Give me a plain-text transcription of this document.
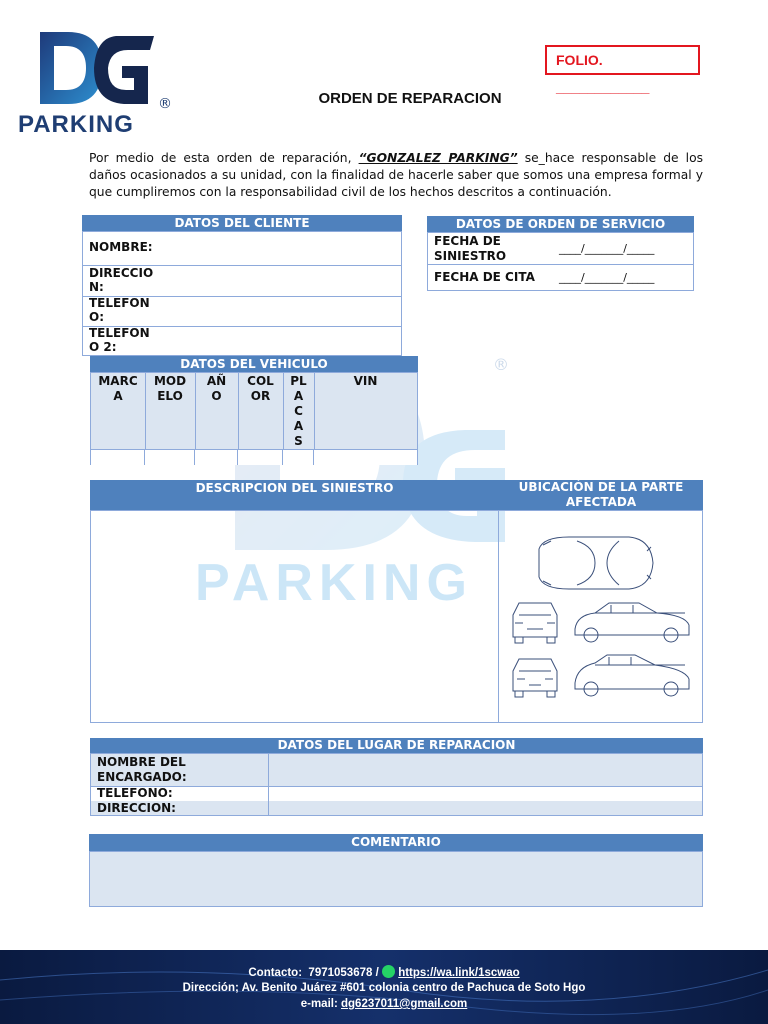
PARKING
®
FOLIO. ____________
ORDEN DE REPARACION
Por medio de esta orden de reparación, “GONZALEZ PARKING” se_hace responsable de los daños ocasionados a su unidad, con la finalidad de hacerle saber que somos una empresa formal y que cumpliremos con la responsabilidad civil de los hechos descritos a continuación.
PARKING
®
DATOS DEL CLIENTE
NOMBRE:
DIRECCIO N:
TELEFON O:
TELEFON O 2:
DATOS DE ORDEN DE SERVICIO
FECHA DE SINIESTRO
____/_______/_____
FECHA DE CITA ____/_______/_____
DATOS DEL VEHICULO
MARC A
MOD ELO
AÑ O
COL OR
PL A C A S
VIN
DESCRIPCION DEL SINIESTRO	UBICACIÓN DE LA PARTE AFECTADA
DATOS DEL LUGAR DE REPARACION
NOMBRE DEL ENCARGADO:
TELEFONO:
DIRECCION:
COMENTARIO
Contacto: 7971053678 / https://wa.link/1scwao
Dirección; Av. Benito Juárez #601 colonia centro de Pachuca de Soto Hgo
e-mail: dg6237011@gmail.com
